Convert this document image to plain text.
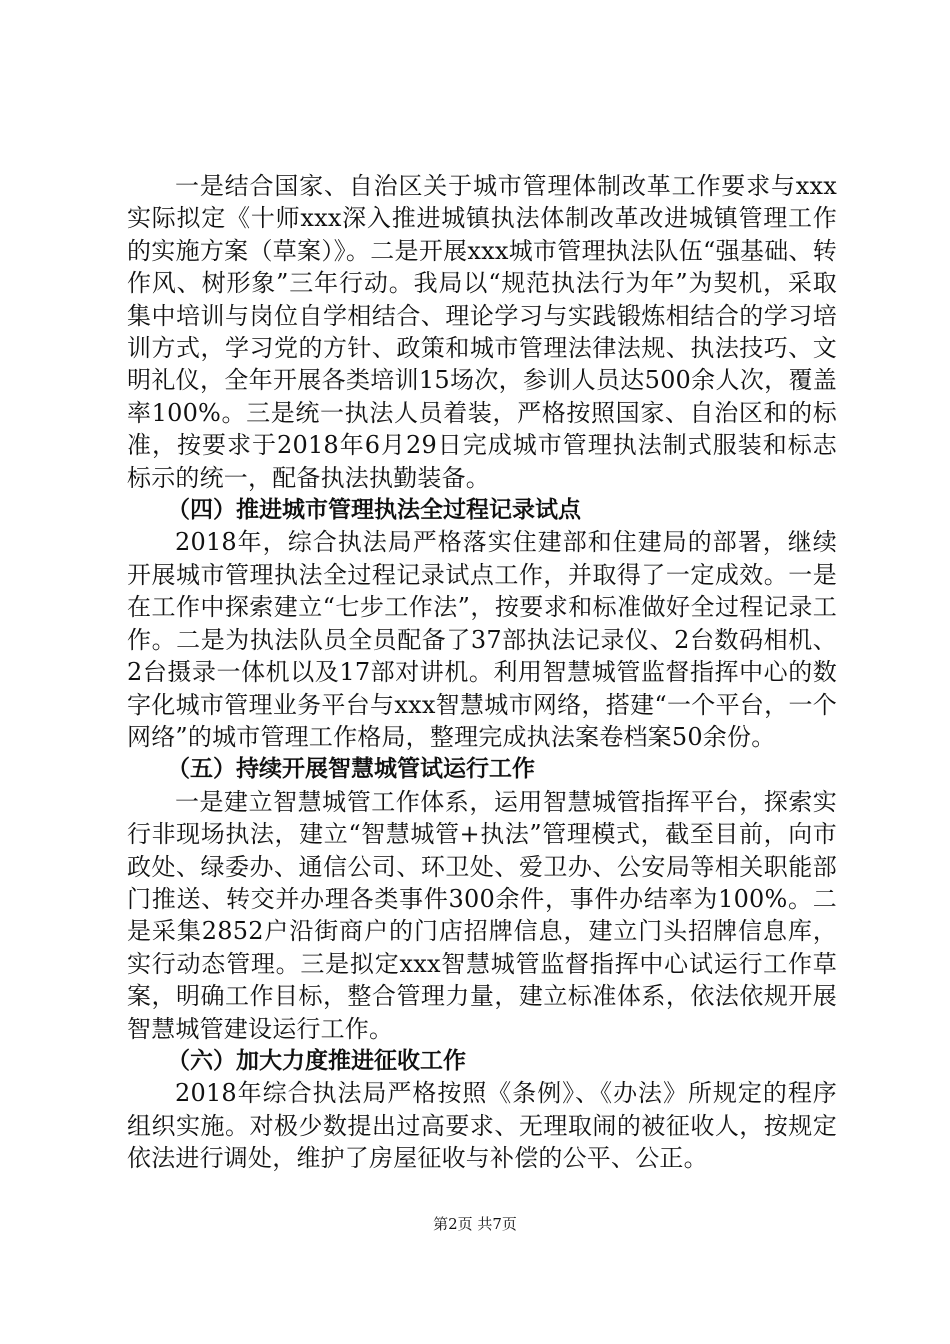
一是结合国家、自治区关于城市管理体制改革工作要求与xxx实际拟定《十师xxx深入推进城镇执法体制改革改进城镇管理工作的实施方案（草案）》。二是开展xxx城市管理执法队伍“强基础、转作风、树形象”三年行动。我局以“规范执法行为年”为契机，采取集中培训与岗位自学相结合、理论学习与实践锻炼相结合的学习培训方式，学习党的方针、政策和城市管理法律法规、执法技巧、文明礼仪，全年开展各类培训15场次，参训人员达500余人次，覆盖率100%。三是统一执法人员着装，严格按照国家、自治区和的标准，按要求于2018年6月29日完成城市管理执法制式服装和标志标示的统一，配备执法执勤装备。

（四）推进城市管理执法全过程记录试点

2018年，综合执法局严格落实住建部和住建局的部署，继续开展城市管理执法全过程记录试点工作，并取得了一定成效。一是在工作中探索建立“七步工作法”，按要求和标准做好全过程记录工作。二是为执法队员全员配备了37部执法记录仪、2台数码相机、2台摄录一体机以及17部对讲机。利用智慧城管监督指挥中心的数字化城市管理业务平台与xxx智慧城市网络，搭建“一个平台，一个网络”的城市管理工作格局，整理完成执法案卷档案50余份。

（五）持续开展智慧城管试运行工作

一是建立智慧城管工作体系，运用智慧城管指挥平台，探索实行非现场执法，建立“智慧城管+执法”管理模式，截至目前，向市政处、绿委办、通信公司、环卫处、爱卫办、公安局等相关职能部门推送、转交并办理各类事件300余件，事件办结率为100%。二是采集2852户沿街商户的门店招牌信息，建立门头招牌信息库，实行动态管理。三是拟定xxx智慧城管监督指挥中心试运行工作草案，明确工作目标，整合管理力量，建立标准体系，依法依规开展智慧城管建设运行工作。

（六）加大力度推进征收工作

2018年综合执法局严格按照《条例》、《办法》所规定的程序组织实施。对极少数提出过高要求、无理取闹的被征收人，按规定依法进行调处，维护了房屋征收与补偿的公平、公正。

第2页 共7页
